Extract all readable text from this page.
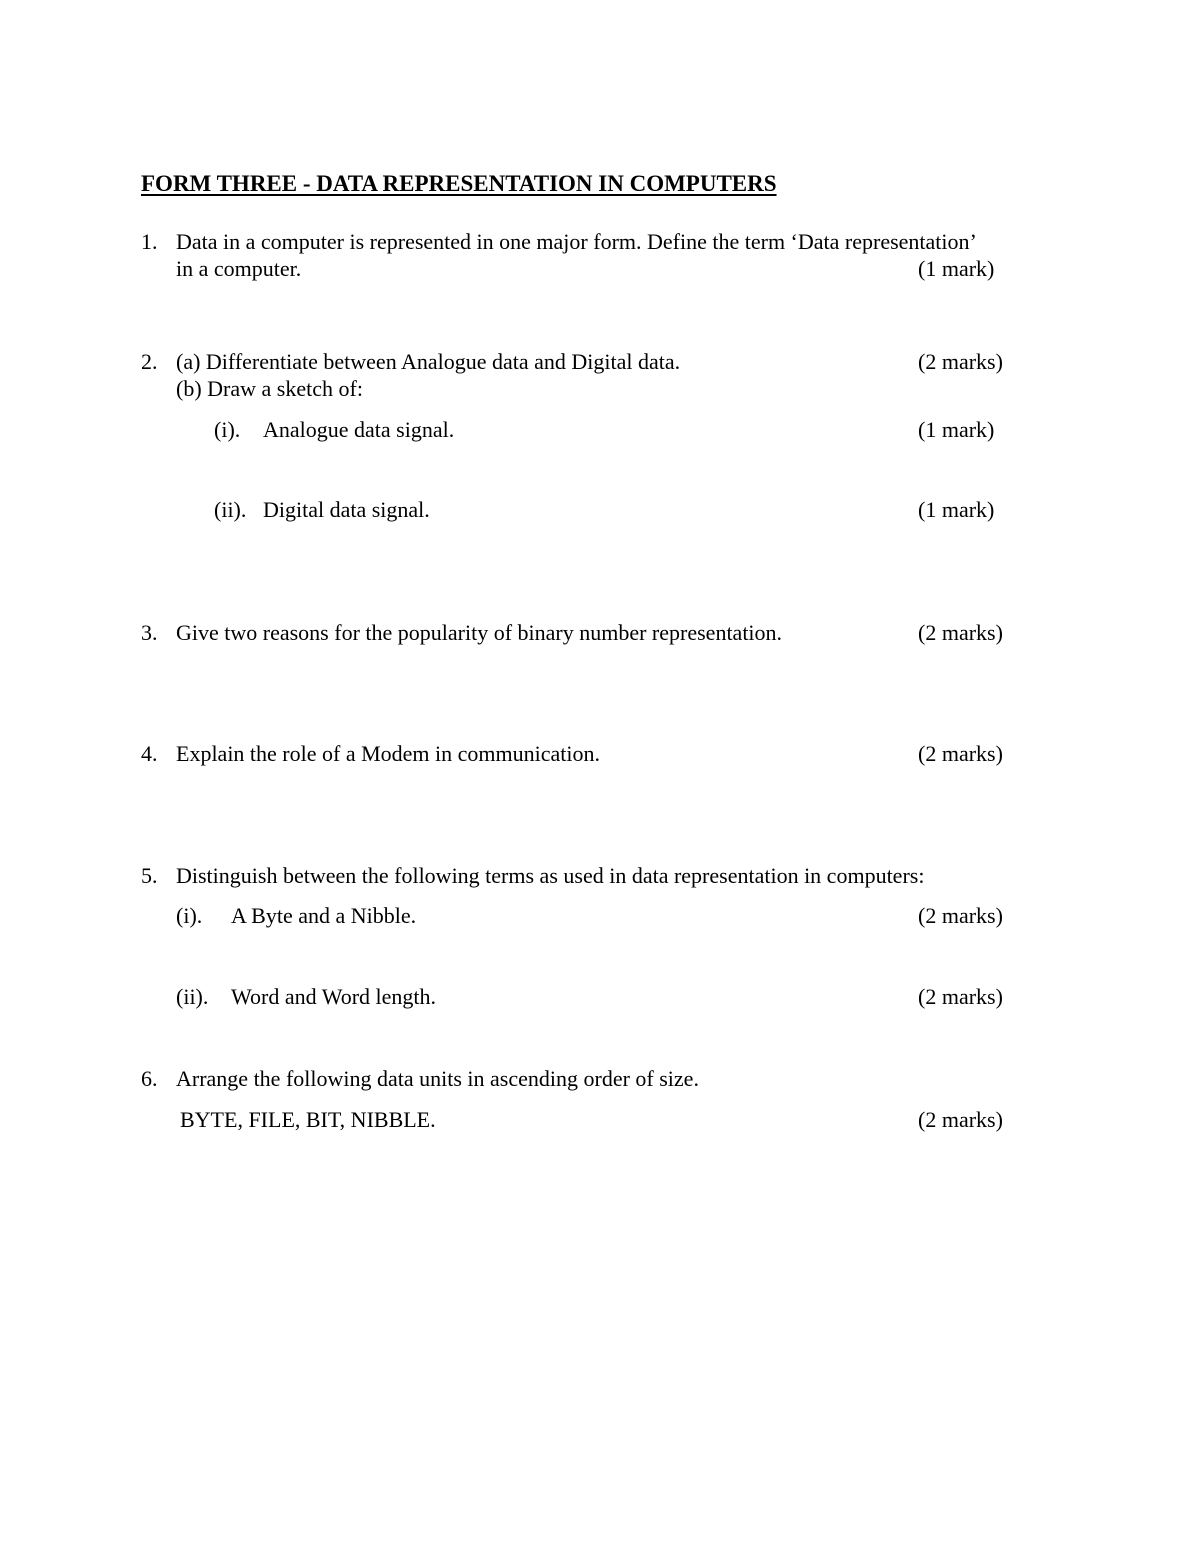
FORM THREE - DATA REPRESENTATION IN COMPUTERS
1. Data in a computer is represented in one major form. Define the term ‘Data representation’
in a computer.	(1 mark)
2. (a) Differentiate between Analogue data and Digital data.	(2 marks)
(b) Draw a sketch of:
(i). Analogue data signal.	(1 mark)
(ii). Digital data signal.	(1 mark)
3. Give two reasons for the popularity of binary number representation.	(2 marks)
4. Explain the role of a Modem in communication.	(2 marks)
5. Distinguish between the following terms as used in data representation in computers:
(i). A Byte and a Nibble.	(2 marks)
(ii). Word and Word length.	(2 marks)
6. Arrange the following data units in ascending order of size.
BYTE, FILE, BIT, NIBBLE.	(2 marks)
